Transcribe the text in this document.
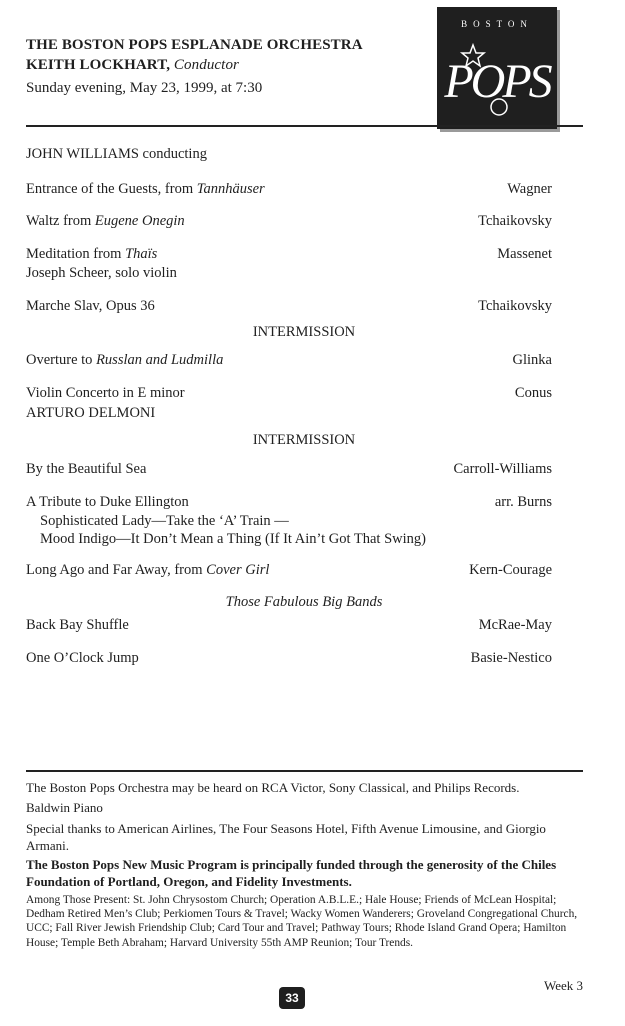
THE BOSTON POPS ESPLANADE ORCHESTRA
KEITH LOCKHART, Conductor
Sunday evening, May 23, 1999, at 7:30
BOSTON
POPS
JOHN WILLIAMS conducting
Entrance of the Guests, from Tannhäuser	Wagner
Waltz from Eugene Onegin	Tchaikovsky
Meditation from Thaïs	Massenet
Joseph Scheer, solo violin
Marche Slav, Opus 36	Tchaikovsky
INTERMISSION
Overture to Russlan and Ludmilla	Glinka
Violin Concerto in E minor	Conus
ARTURO DELMONI
INTERMISSION
By the Beautiful Sea	Carroll-Williams
A Tribute to Duke Ellington	arr. Burns
Sophisticated Lady—Take the ‘A’ Train —
Mood Indigo—It Don’t Mean a Thing (If It Ain’t Got That Swing)
Long Ago and Far Away, from Cover Girl	Kern-Courage
Those Fabulous Big Bands
Back Bay Shuffle	McRae-May
One O’Clock Jump	Basie-Nestico
The Boston Pops Orchestra may be heard on RCA Victor, Sony Classical, and Philips Records.
Baldwin Piano
Special thanks to American Airlines, The Four Seasons Hotel, Fifth Avenue Limousine, and Giorgio Armani.
The Boston Pops New Music Program is principally funded through the generosity of the Chiles Foundation of Portland, Oregon, and Fidelity Investments.
Among Those Present: St. John Chrysostom Church; Operation A.B.L.E.; Hale House; Friends of McLean Hospital; Dedham Retired Men’s Club; Perkiomen Tours & Travel; Wacky Women Wanderers; Groveland Congregational Church, UCC; Fall River Jewish Friendship Club; Card Tour and Travel; Pathway Tours; Rhode Island Grand Opera; Hamilton House; Temple Beth Abraham; Harvard University 55th AMP Reunion; Tour Trends.
Week 3
33
